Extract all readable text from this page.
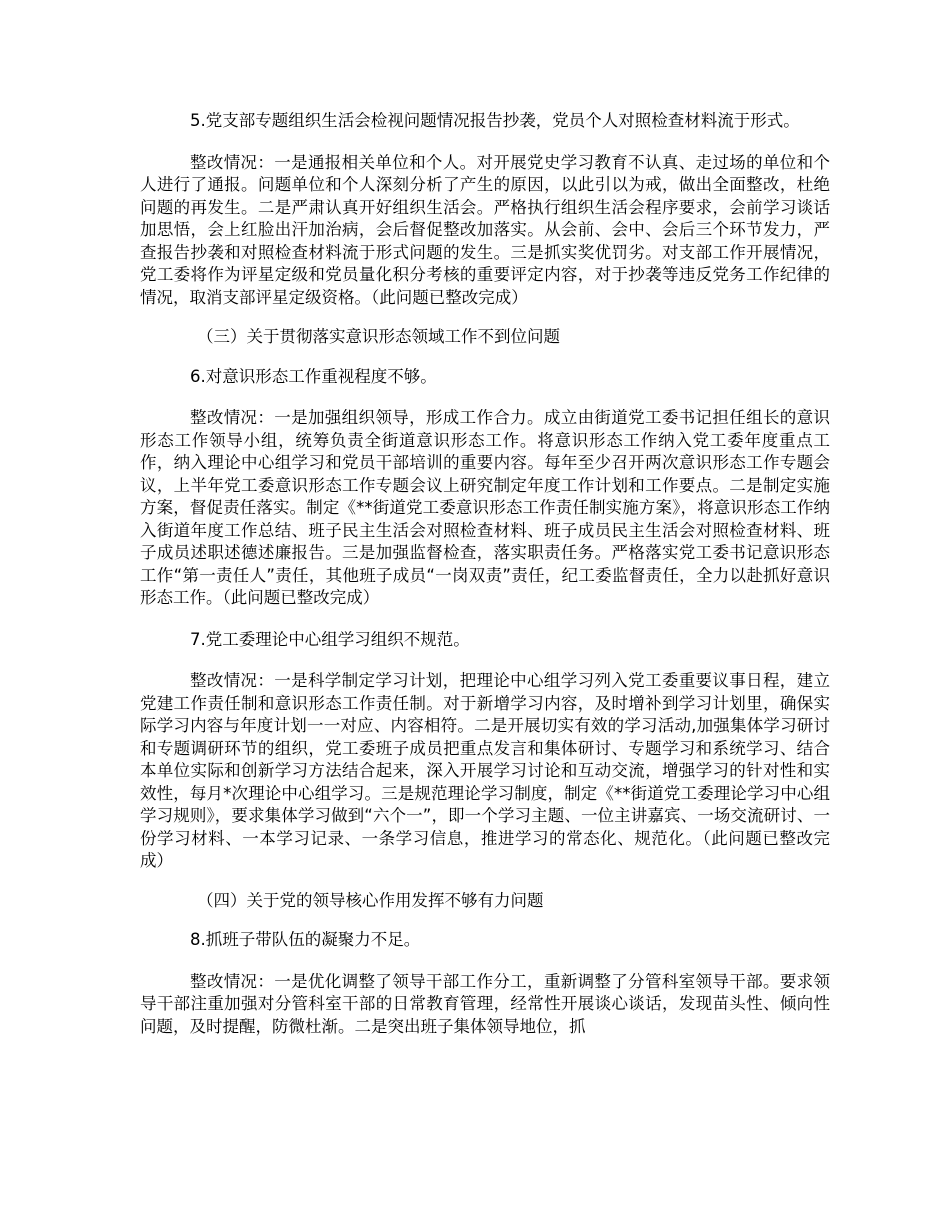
5.党支部专题组织生活会检视问题情况报告抄袭，党员个人对照检查材料流于形式。

整改情况：一是通报相关单位和个人。对开展党史学习教育不认真、走过场的单位和个人进行了通报。问题单位和个人深刻分析了产生的原因，以此引以为戒，做出全面整改，杜绝问题的再发生。二是严肃认真开好组织生活会。严格执行组织生活会程序要求，会前学习谈话加思悟，会上红脸出汗加治病，会后督促整改加落实。从会前、会中、会后三个环节发力，严查报告抄袭和对照检查材料流于形式问题的发生。三是抓实奖优罚劣。对支部工作开展情况，党工委将作为评星定级和党员量化积分考核的重要评定内容，对于抄袭等违反党务工作纪律的情况，取消支部评星定级资格。（此问题已整改完成）

（三）关于贯彻落实意识形态领域工作不到位问题

6.对意识形态工作重视程度不够。

整改情况：一是加强组织领导，形成工作合力。成立由街道党工委书记担任组长的意识形态工作领导小组，统筹负责全街道意识形态工作。将意识形态工作纳入党工委年度重点工作，纳入理论中心组学习和党员干部培训的重要内容。每年至少召开两次意识形态工作专题会议，上半年党工委意识形态工作专题会议上研究制定年度工作计划和工作要点。二是制定实施方案，督促责任落实。制定《**街道党工委意识形态工作责任制实施方案》，将意识形态工作纳入街道年度工作总结、班子民主生活会对照检查材料、班子成员民主生活会对照检查材料、班子成员述职述德述廉报告。三是加强监督检查，落实职责任务。严格落实党工委书记意识形态工作“第一责任人”责任，其他班子成员“一岗双责”责任，纪工委监督责任，全力以赴抓好意识形态工作。（此问题已整改完成）

7.党工委理论中心组学习组织不规范。

整改情况：一是科学制定学习计划，把理论中心组学习列入党工委重要议事日程，建立党建工作责任制和意识形态工作责任制。对于新增学习内容，及时增补到学习计划里，确保实际学习内容与年度计划一一对应、内容相符。二是开展切实有效的学习活动,加强集体学习研讨和专题调研环节的组织，党工委班子成员把重点发言和集体研讨、专题学习和系统学习、结合本单位实际和创新学习方法结合起来，深入开展学习讨论和互动交流，增强学习的针对性和实效性，每月*次理论中心组学习。三是规范理论学习制度，制定《**街道党工委理论学习中心组学习规则》，要求集体学习做到“六个一”，即一个学习主题、一位主讲嘉宾、一场交流研讨、一份学习材料、一本学习记录、一条学习信息，推进学习的常态化、规范化。（此问题已整改完成）

（四）关于党的领导核心作用发挥不够有力问题

8.抓班子带队伍的凝聚力不足。

整改情况：一是优化调整了领导干部工作分工，重新调整了分管科室领导干部。要求领导干部注重加强对分管科室干部的日常教育管理，经常性开展谈心谈话，发现苗头性、倾向性问题，及时提醒，防微杜渐。二是突出班子集体领导地位，抓
